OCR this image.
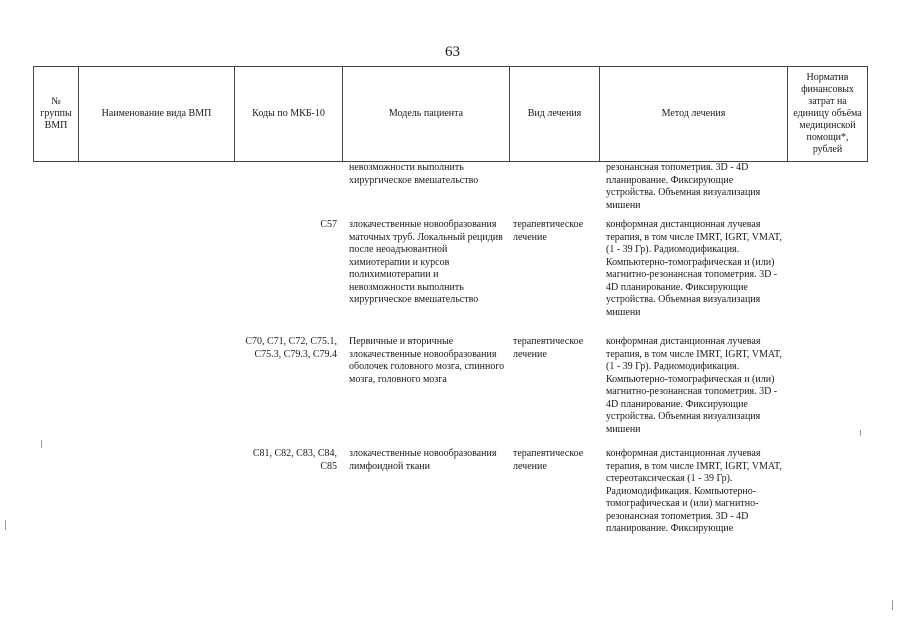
63
№ группы ВМП	Наименование вида ВМП	Коды по МКБ-10	Модель пациента	Вид лечения	Метод лечения	Норматив финансовых затрат на единицу объёма медицинской помощи*, рублей
			невозможности выполнить хирургическое вмешательство		резонансная топометрия. 3D - 4D планирование. Фиксирующие устройства. Объемная визуализация мишени	
		С57	злокачественные новообразования маточных труб. Локальный рецидив после неоадъювантной химиотерапии и курсов полихимиотерапии и невозможности выполнить хирургическое вмешательство	терапевтическое лечение	конформная дистанционная лучевая терапия, в том числе IMRT, IGRT, VMAT, (1 - 39 Гр). Радиомодификация. Компьютерно-томографическая и (или) магнитно-резонансная топометрия. 3D - 4D планирование. Фиксирующие устройства. Объемная визуализация мишени	
		С70, С71, С72, С75.1, С75.3, С79.3, С79.4	Первичные и вторичные злокачественные новообразования оболочек головного мозга, спинного мозга, головного мозга	терапевтическое лечение	конформная дистанционная лучевая терапия, в том числе IMRT, IGRT, VMAT, (1 - 39 Гр). Радиомодификация. Компьютерно-томографическая и (или) магнитно-резонансная топометрия. 3D - 4D планирование. Фиксирующие устройства. Объемная визуализация мишени	
		С81, С82, С83, С84, С85	злокачественные новообразования лимфоидной ткани	терапевтическое лечение	конформная дистанционная лучевая терапия, в том числе IMRT, IGRT, VMAT, стереотаксическая (1 - 39 Гр). Радиомодификация. Компьютерно-томографическая и (или) магнитно-резонансная топометрия. 3D - 4D планирование. Фиксирующие	
